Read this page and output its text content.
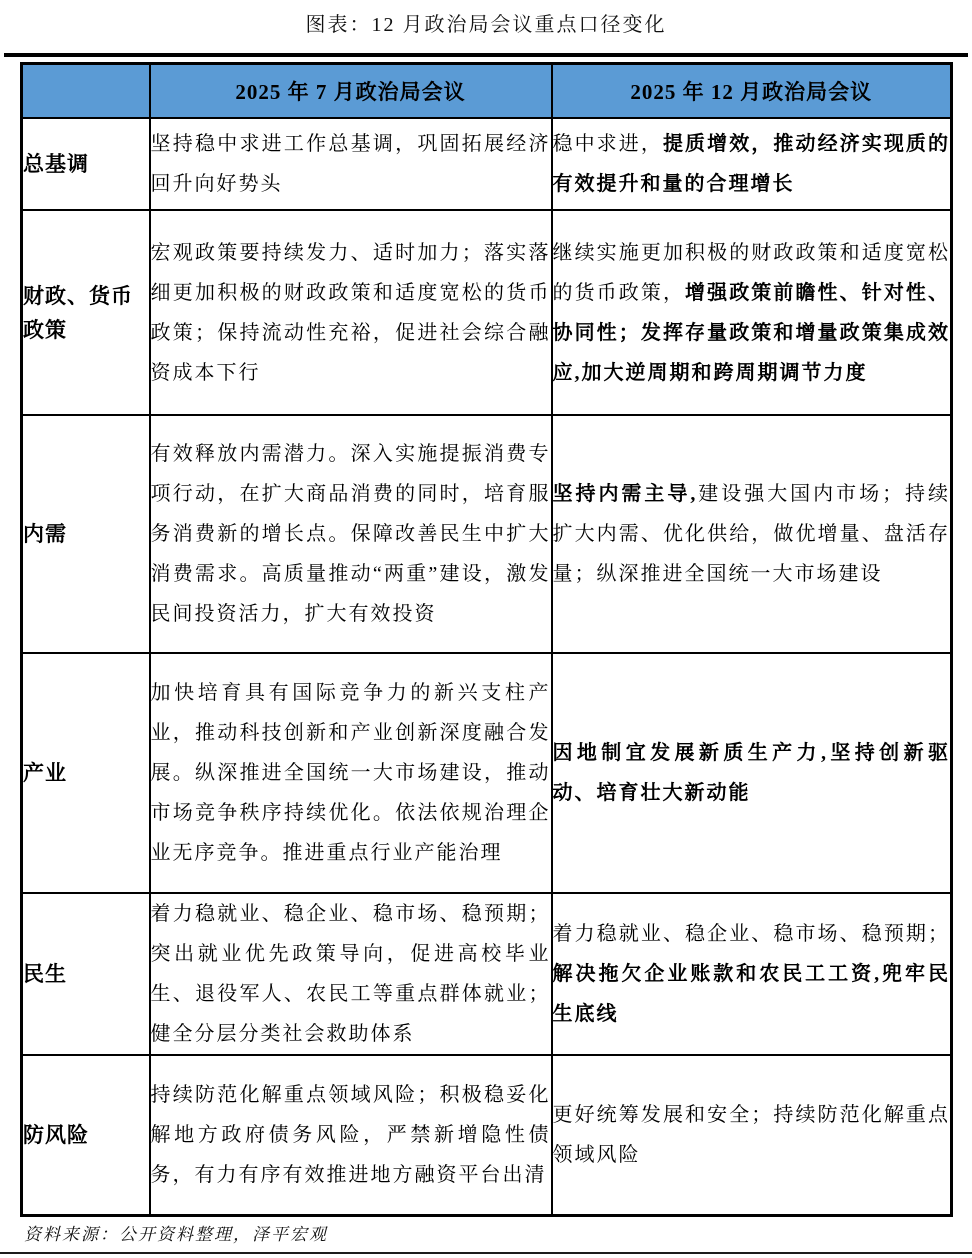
图表：12 月政治局会议重点口径变化
	2025 年 7 月政治局会议	2025 年 12 月政治局会议
总基调	坚持稳中求进工作总基调，巩固拓展经济回升向好势头	稳中求进，提质增效，推动经济实现质的有效提升和量的合理增长
财政、货币政策	宏观政策要持续发力、适时加力；落实落细更加积极的财政政策和适度宽松的货币政策；保持流动性充裕，促进社会综合融资成本下行	继续实施更加积极的财政政策和适度宽松的货币政策，增强政策前瞻性、针对性、协同性；发挥存量政策和增量政策集成效应,加大逆周期和跨周期调节力度
内需	有效释放内需潜力。深入实施提振消费专项行动，在扩大商品消费的同时，培育服务消费新的增长点。保障改善民生中扩大消费需求。高质量推动“两重”建设，激发民间投资活力，扩大有效投资	坚持内需主导,建设强大国内市场；持续扩大内需、优化供给，做优增量、盘活存量；纵深推进全国统一大市场建设
产业	加快培育具有国际竞争力的新兴支柱产业，推动科技创新和产业创新深度融合发展。纵深推进全国统一大市场建设，推动市场竞争秩序持续优化。依法依规治理企业无序竞争。推进重点行业产能治理	因地制宜发展新质生产力,坚持创新驱动、培育壮大新动能
民生	着力稳就业、稳企业、稳市场、稳预期；突出就业优先政策导向，促进高校毕业生、退役军人、农民工等重点群体就业；健全分层分类社会救助体系	着力稳就业、稳企业、稳市场、稳预期；解决拖欠企业账款和农民工工资,兜牢民生底线
防风险	持续防范化解重点领域风险；积极稳妥化解地方政府债务风险，严禁新增隐性债务，有力有序有效推进地方融资平台出清	更好统筹发展和安全；持续防范化解重点领域风险
资料来源：公开资料整理，泽平宏观
